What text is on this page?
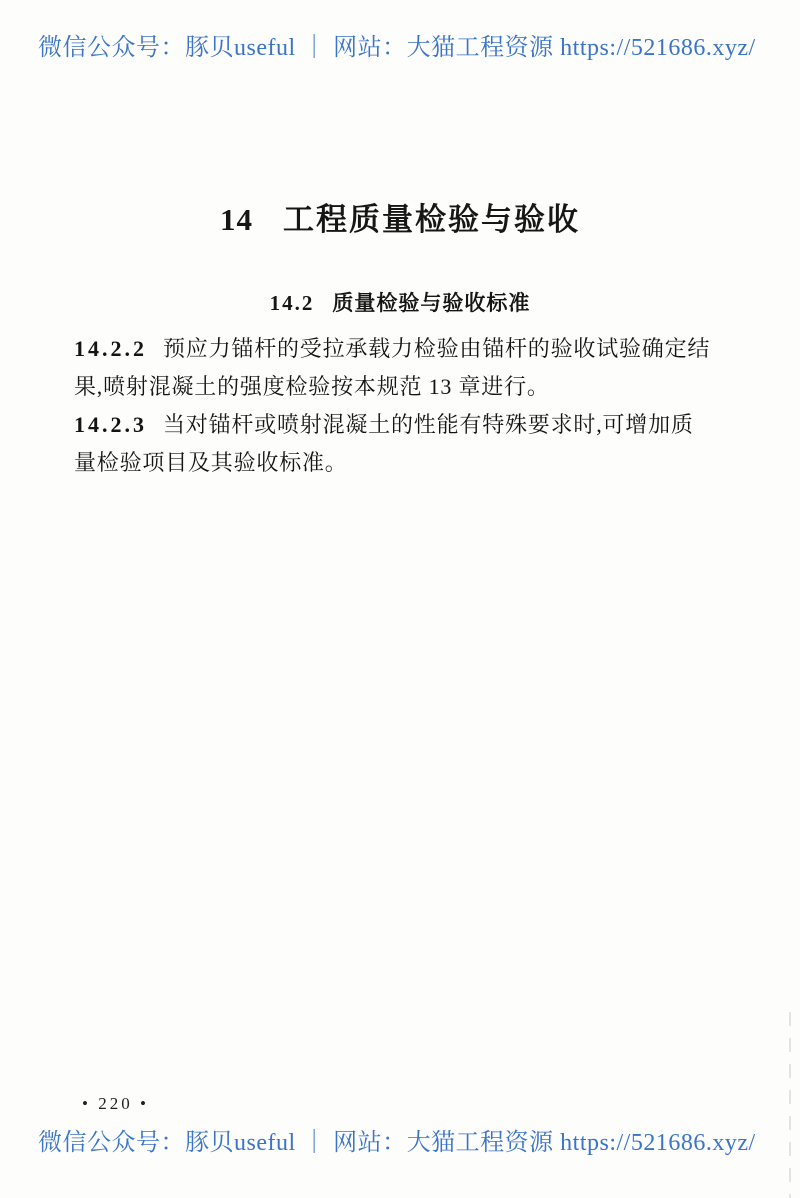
微信公众号：豚贝useful ｜ 网站：大猫工程资源 https://521686.xyz/
14 工程质量检验与验收
14.2 质量检验与验收标准
14.2.2 预应力锚杆的受拉承载力检验由锚杆的验收试验确定结
果,喷射混凝土的强度检验按本规范 13 章进行。
14.2.3 当对锚杆或喷射混凝土的性能有特殊要求时,可增加质
量检验项目及其验收标准。
• 220 •
微信公众号：豚贝useful ｜ 网站：大猫工程资源 https://521686.xyz/
